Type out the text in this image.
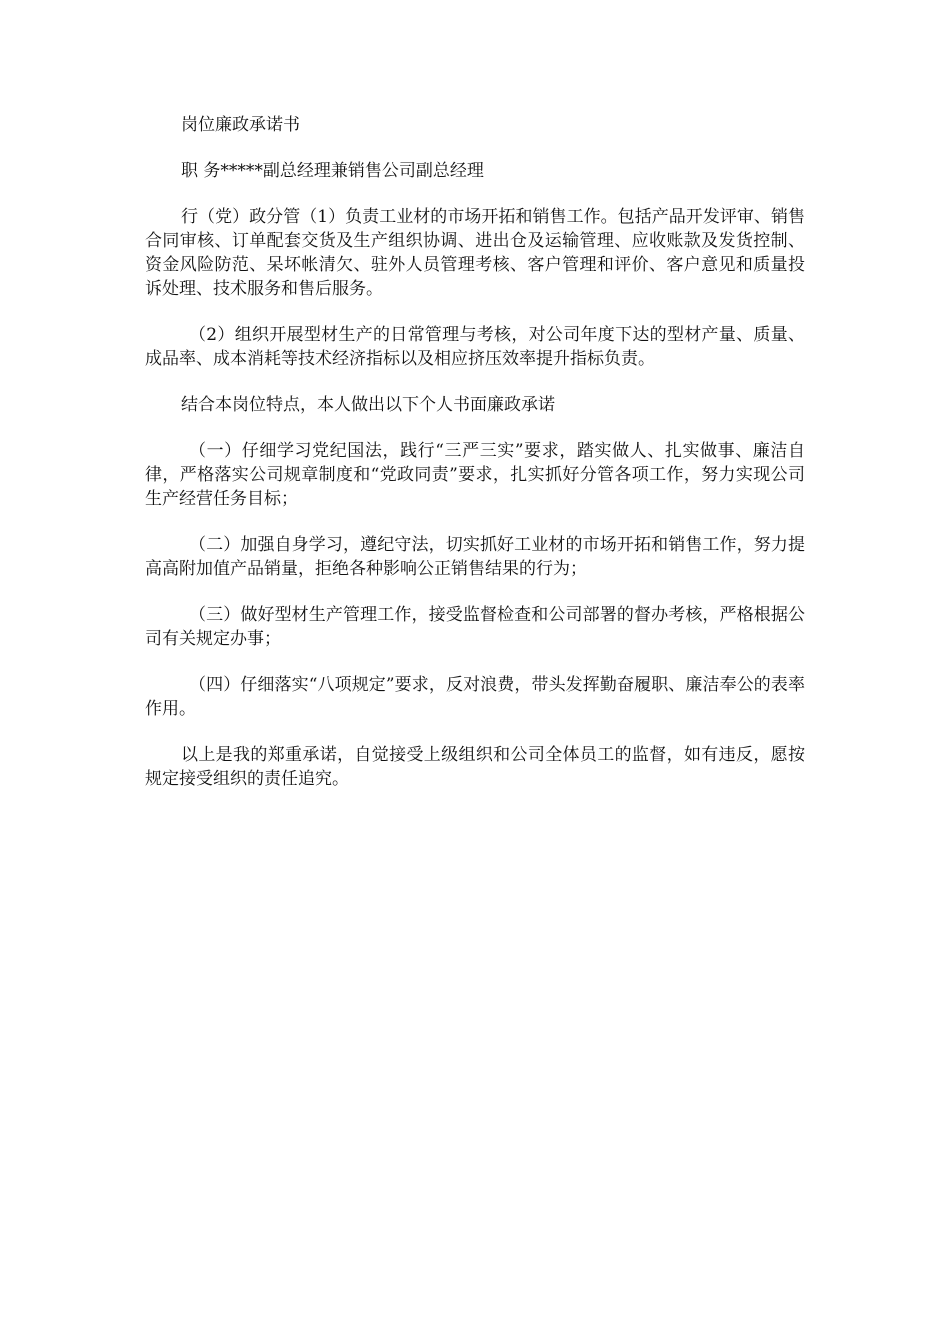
岗位廉政承诺书

职 务*****副总经理兼销售公司副总经理

行（党）政分管（1）负责工业材的市场开拓和销售工作。包括产品开发评审、销售合同审核、订单配套交货及生产组织协调、进出仓及运输管理、应收账款及发货控制、资金风险防范、呆坏帐清欠、驻外人员管理考核、客户管理和评价、客户意见和质量投诉处理、技术服务和售后服务。

（2）组织开展型材生产的日常管理与考核，对公司年度下达的型材产量、质量、成品率、成本消耗等技术经济指标以及相应挤压效率提升指标负责。

结合本岗位特点，本人做出以下个人书面廉政承诺

（一）仔细学习党纪国法，践行“三严三实”要求，踏实做人、扎实做事、廉洁自律，严格落实公司规章制度和“党政同责”要求，扎实抓好分管各项工作，努力实现公司生产经营任务目标；

（二）加强自身学习，遵纪守法，切实抓好工业材的市场开拓和销售工作，努力提高高附加值产品销量，拒绝各种影响公正销售结果的行为；

（三）做好型材生产管理工作，接受监督检查和公司部署的督办考核，严格根据公司有关规定办事；

（四）仔细落实“八项规定”要求，反对浪费，带头发挥勤奋履职、廉洁奉公的表率作用。

以上是我的郑重承诺，自觉接受上级组织和公司全体员工的监督，如有违反，愿按规定接受组织的责任追究。
